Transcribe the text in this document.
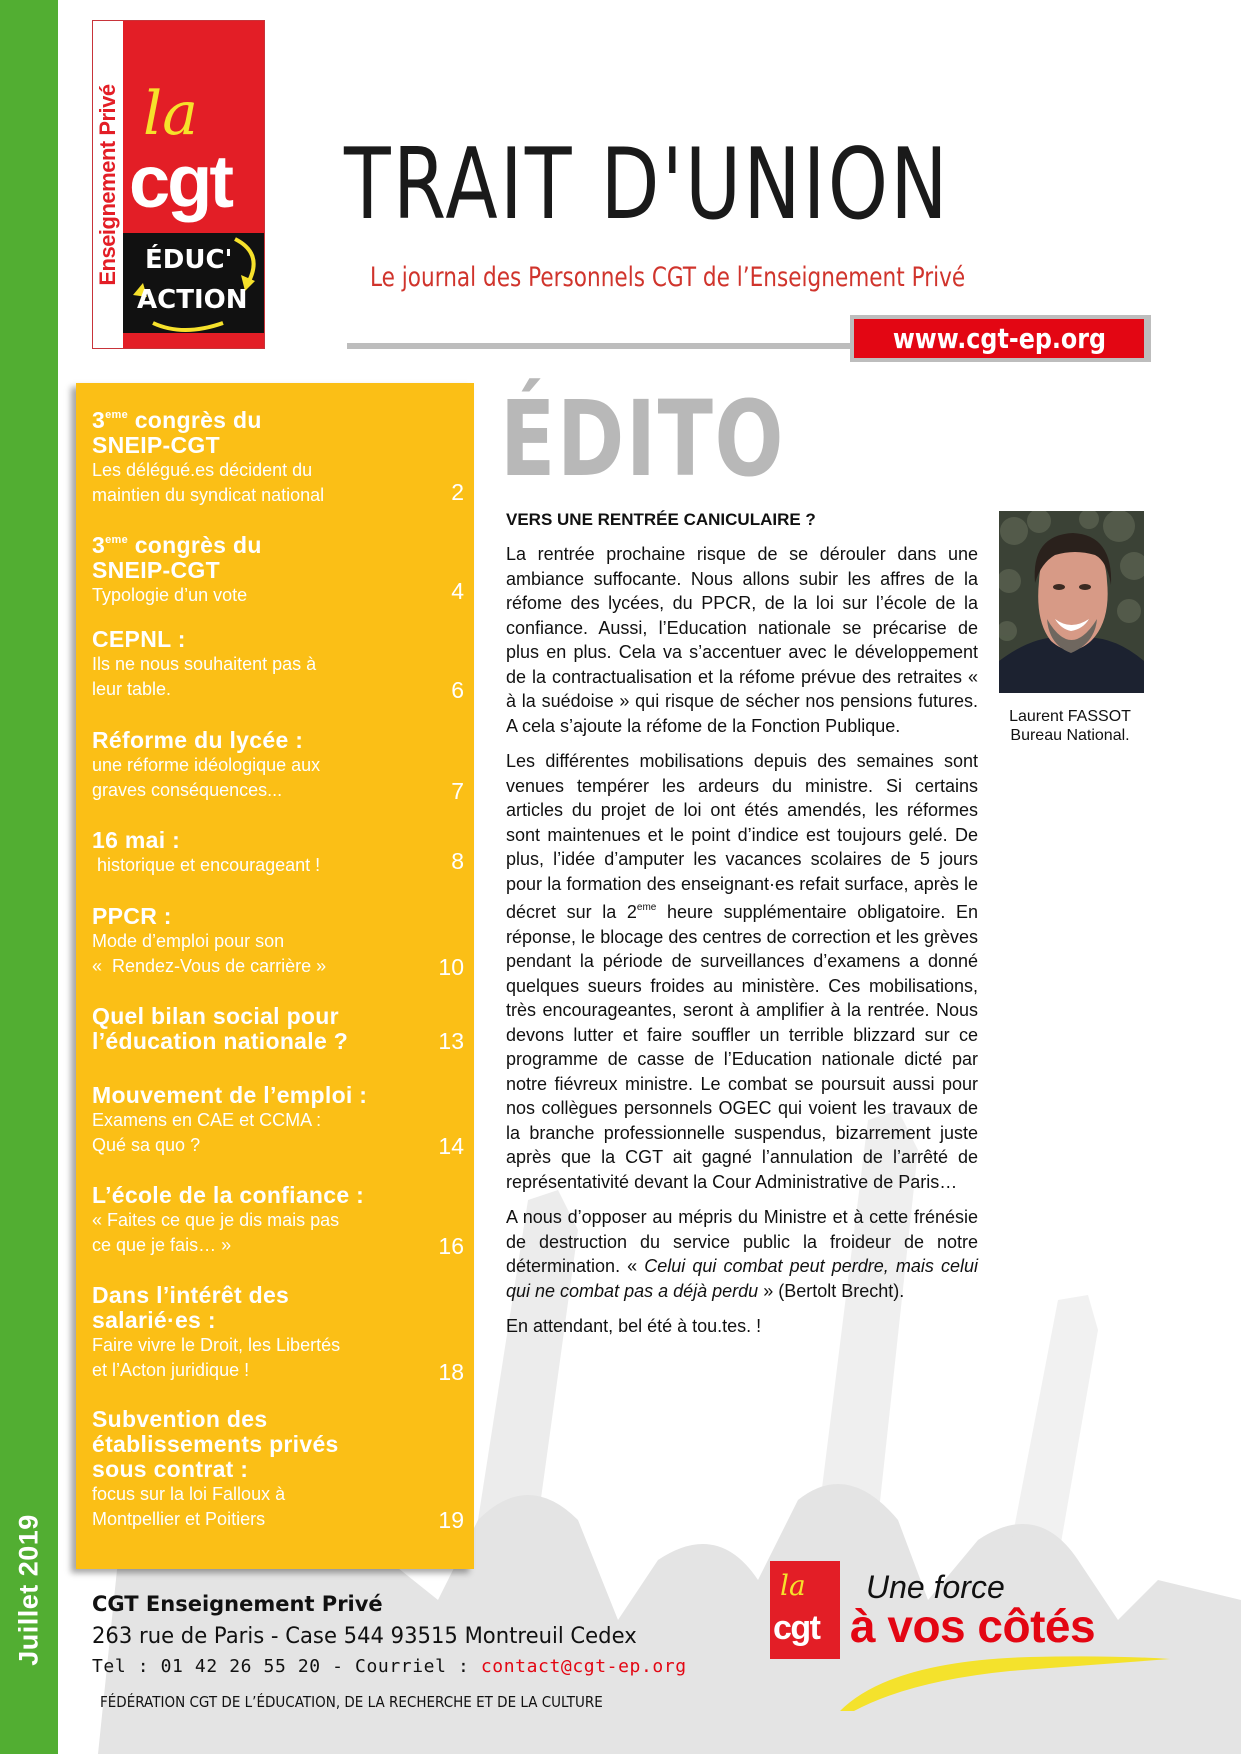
Juillet 2019
Enseignement Privé la
cgt
ÉDUC'
ACTION
TRAIT D'UNION
Le journal des Personnels CGT de l’Enseignement Privé
www.cgt-ep.org
3eme congrès du
SNEIP-CGT
Les délégué.es décident du
maintien du syndicat national	2
3eme congrès du
SNEIP-CGT
Typologie d’un vote	4
CEPNL :
Ils ne nous souhaitent pas à
leur table.	6
Réforme du lycée :
une réforme idéologique aux
graves conséquences...	7
16 mai :
historique et encourageant !	8
PPCR :
Mode d’emploi pour son
«  Rendez-Vous de carrière »	10
Quel bilan social pour
l’éducation nationale ?	13
Mouvement de l’emploi :
Examens en CAE et CCMA :
Qué sa quo ?	14
L’école de la confiance :
« Faites ce que je dis mais pas
ce que je fais… »	16
Dans l’intérêt des
salarié·es :
Faire vivre le Droit, les Libertés
et l’Acton juridique !	18
Subvention des
établissements privés
sous contrat :
focus sur la loi Falloux à
Montpellier et Poitiers	19
ÉDITO
VERS UNE RENTRÉE CANICULAIRE ?
Laurent FASSOT
Bureau National.

La rentrée prochaine risque de se dérouler dans une ambiance suffocante. Nous allons subir les affres de la réfome des lycées, du PPCR, de la loi sur l’école de la confiance. Aussi, l’Education nationale se précarise de plus en plus. Cela va s’accentuer avec le développement de la contractualisation et la réfome prévue des retraites « à la suédoise » qui risque de sécher nos pensions futures. A cela s’ajoute la réfome de la Fonction Publique.

Les différentes mobilisations depuis des semaines sont venues tempérer les ardeurs du ministre. Si certains articles du projet de loi ont étés amendés, les réformes sont maintenues et le point d’indice est toujours gelé. De plus, l’idée d’amputer les vacances scolaires de 5 jours pour la formation des enseignant·es refait surface, après le décret sur la 2eme heure supplémentaire obligatoire. En réponse, le blocage des centres de correction et les grèves pendant la période de surveillances d’examens a donné quelques sueurs froides au ministère. Ces mobilisations, très encourageantes, seront à amplifier à la rentrée. Nous devons lutter et faire souffler un terrible blizzard sur ce programme de casse de l’Education nationale dicté par notre fiévreux ministre. Le combat se poursuit aussi pour nos collègues personnels OGEC qui voient les travaux de la branche professionnelle suspendus, bizarrement juste après que la CGT ait gagné l’annulation de l’arrêté de représentativité devant la Cour Administrative de Paris…

A nous d’opposer au mépris du Ministre et à cette frénésie de destruction du service public la froideur de notre détermination. « Celui qui combat peut perdre, mais celui qui ne combat pas a déjà perdu » (Bertolt Brecht).

En attendant, bel été à tou.tes. !

CGT Enseignement Privé
263 rue de Paris - Case 544 93515 Montreuil Cedex
Tel : 01 42 26 55 20 - Courriel : contact@cgt-ep.org
FÉDÉRATION CGT DE L’ÉDUCATION, DE LA RECHERCHE ET DE LA CULTURE
la
cgt
Une force
à vos côtés
